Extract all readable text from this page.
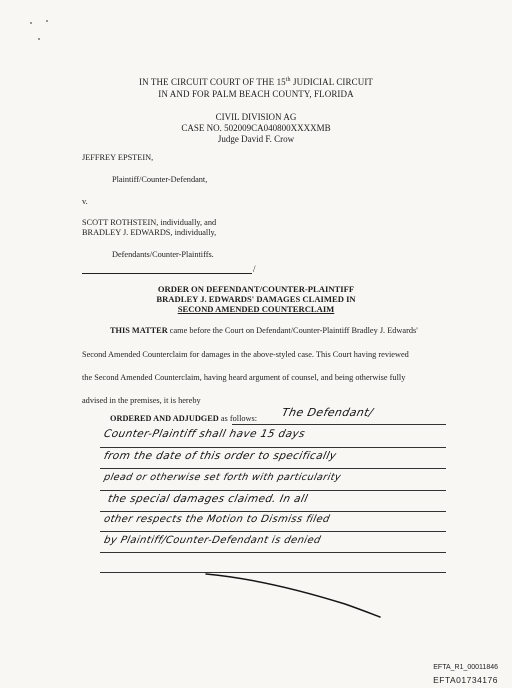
IN THE CIRCUIT COURT OF THE 15th JUDICIAL CIRCUIT
IN AND FOR PALM BEACH COUNTY, FLORIDA
CIVIL DIVISION AG
CASE NO. 502009CA040800XXXXMB
Judge David F. Crow
JEFFREY EPSTEIN,
Plaintiff/Counter-Defendant,
v.
SCOTT ROTHSTEIN, individually, and
BRADLEY J. EDWARDS, individually,
Defendants/Counter-Plaintiffs.
/
ORDER ON DEFENDANT/COUNTER-PLAINTIFF
BRADLEY J. EDWARDS' DAMAGES CLAIMED IN
SECOND AMENDED COUNTERCLAIM
THIS MATTER came before the Court on Defendant/Counter-Plaintiff Bradley J. Edwards'
Second Amended Counterclaim for damages in the above-styled case. This Court having reviewed
the Second Amended Counterclaim, having heard argument of counsel, and being otherwise fully
advised in the premises, it is hereby
ORDERED AND ADJUDGED as follows:	The Defendant/
Counter-Plaintiff shall have 15 days
from the date of this order to specifically
plead or otherwise set forth with particularity
the special damages claimed. In all
other respects the Motion to Dismiss filed
by Plaintiff/Counter-Defendant is denied
EFTA_R1_00011846
EFTA01734176
